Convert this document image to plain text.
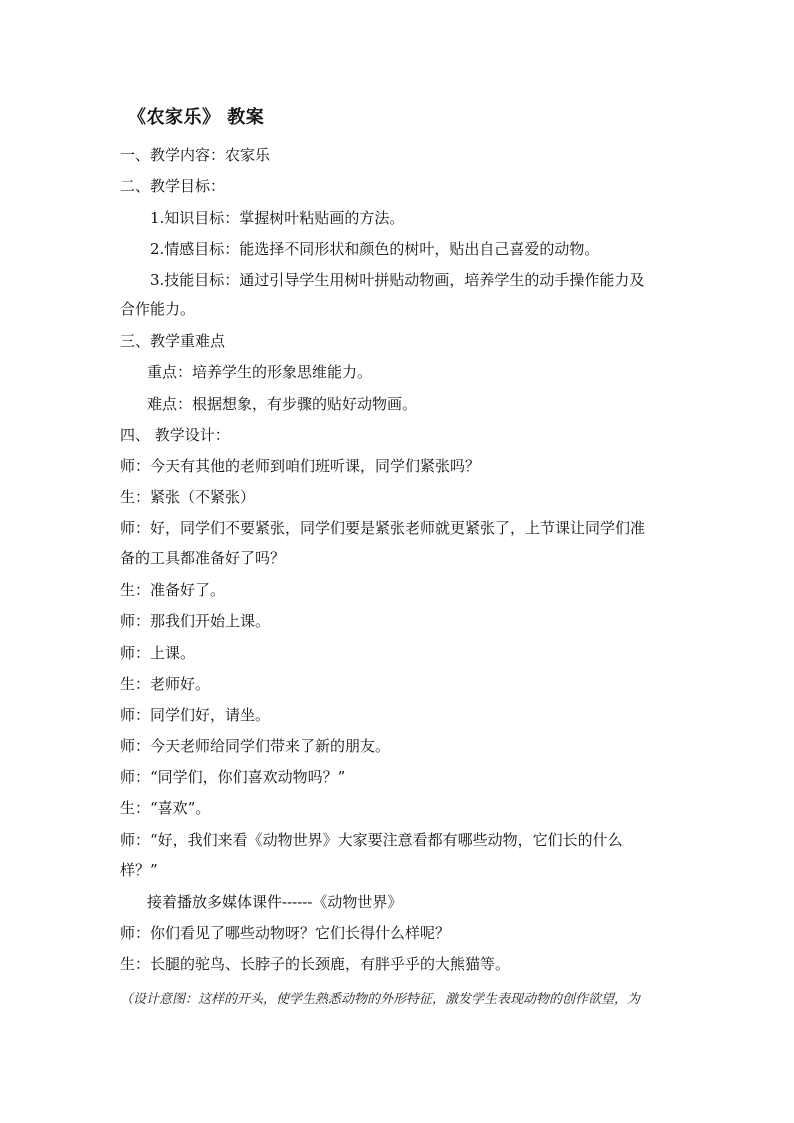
《农家乐》 教案
一、教学内容：农家乐
二、教学目标：
1.知识目标：掌握树叶粘贴画的方法。
2.情感目标：能选择不同形状和颜色的树叶，贴出自己喜爱的动物。
3.技能目标：通过引导学生用树叶拼贴动物画，培养学生的动手操作能力及
合作能力。
三、教学重难点
重点：培养学生的形象思维能力。
难点：根据想象，有步骤的贴好动物画。
四、 教学设计：
师：今天有其他的老师到咱们班听课，同学们紧张吗？
生：紧张（不紧张）
师：好，同学们不要紧张，同学们要是紧张老师就更紧张了，上节课让同学们准
备的工具都准备好了吗？
生：准备好了。
师：那我们开始上课。
师：上课。
生：老师好。
师：同学们好，请坐。
师：今天老师给同学们带来了新的朋友。
师：“同学们，你们喜欢动物吗？”
生：“喜欢”。
师：“好，我们来看《动物世界》大家要注意看都有哪些动物，它们长的什么
样？”
接着播放多媒体课件------《动物世界》
师：你们看见了哪些动物呀？它们长得什么样呢？
生：长腿的驼鸟、长脖子的长颈鹿，有胖乎乎的大熊猫等。
（设计意图：这样的开头，使学生熟悉动物的外形特征，激发学生表现动物的创作欲望，为
